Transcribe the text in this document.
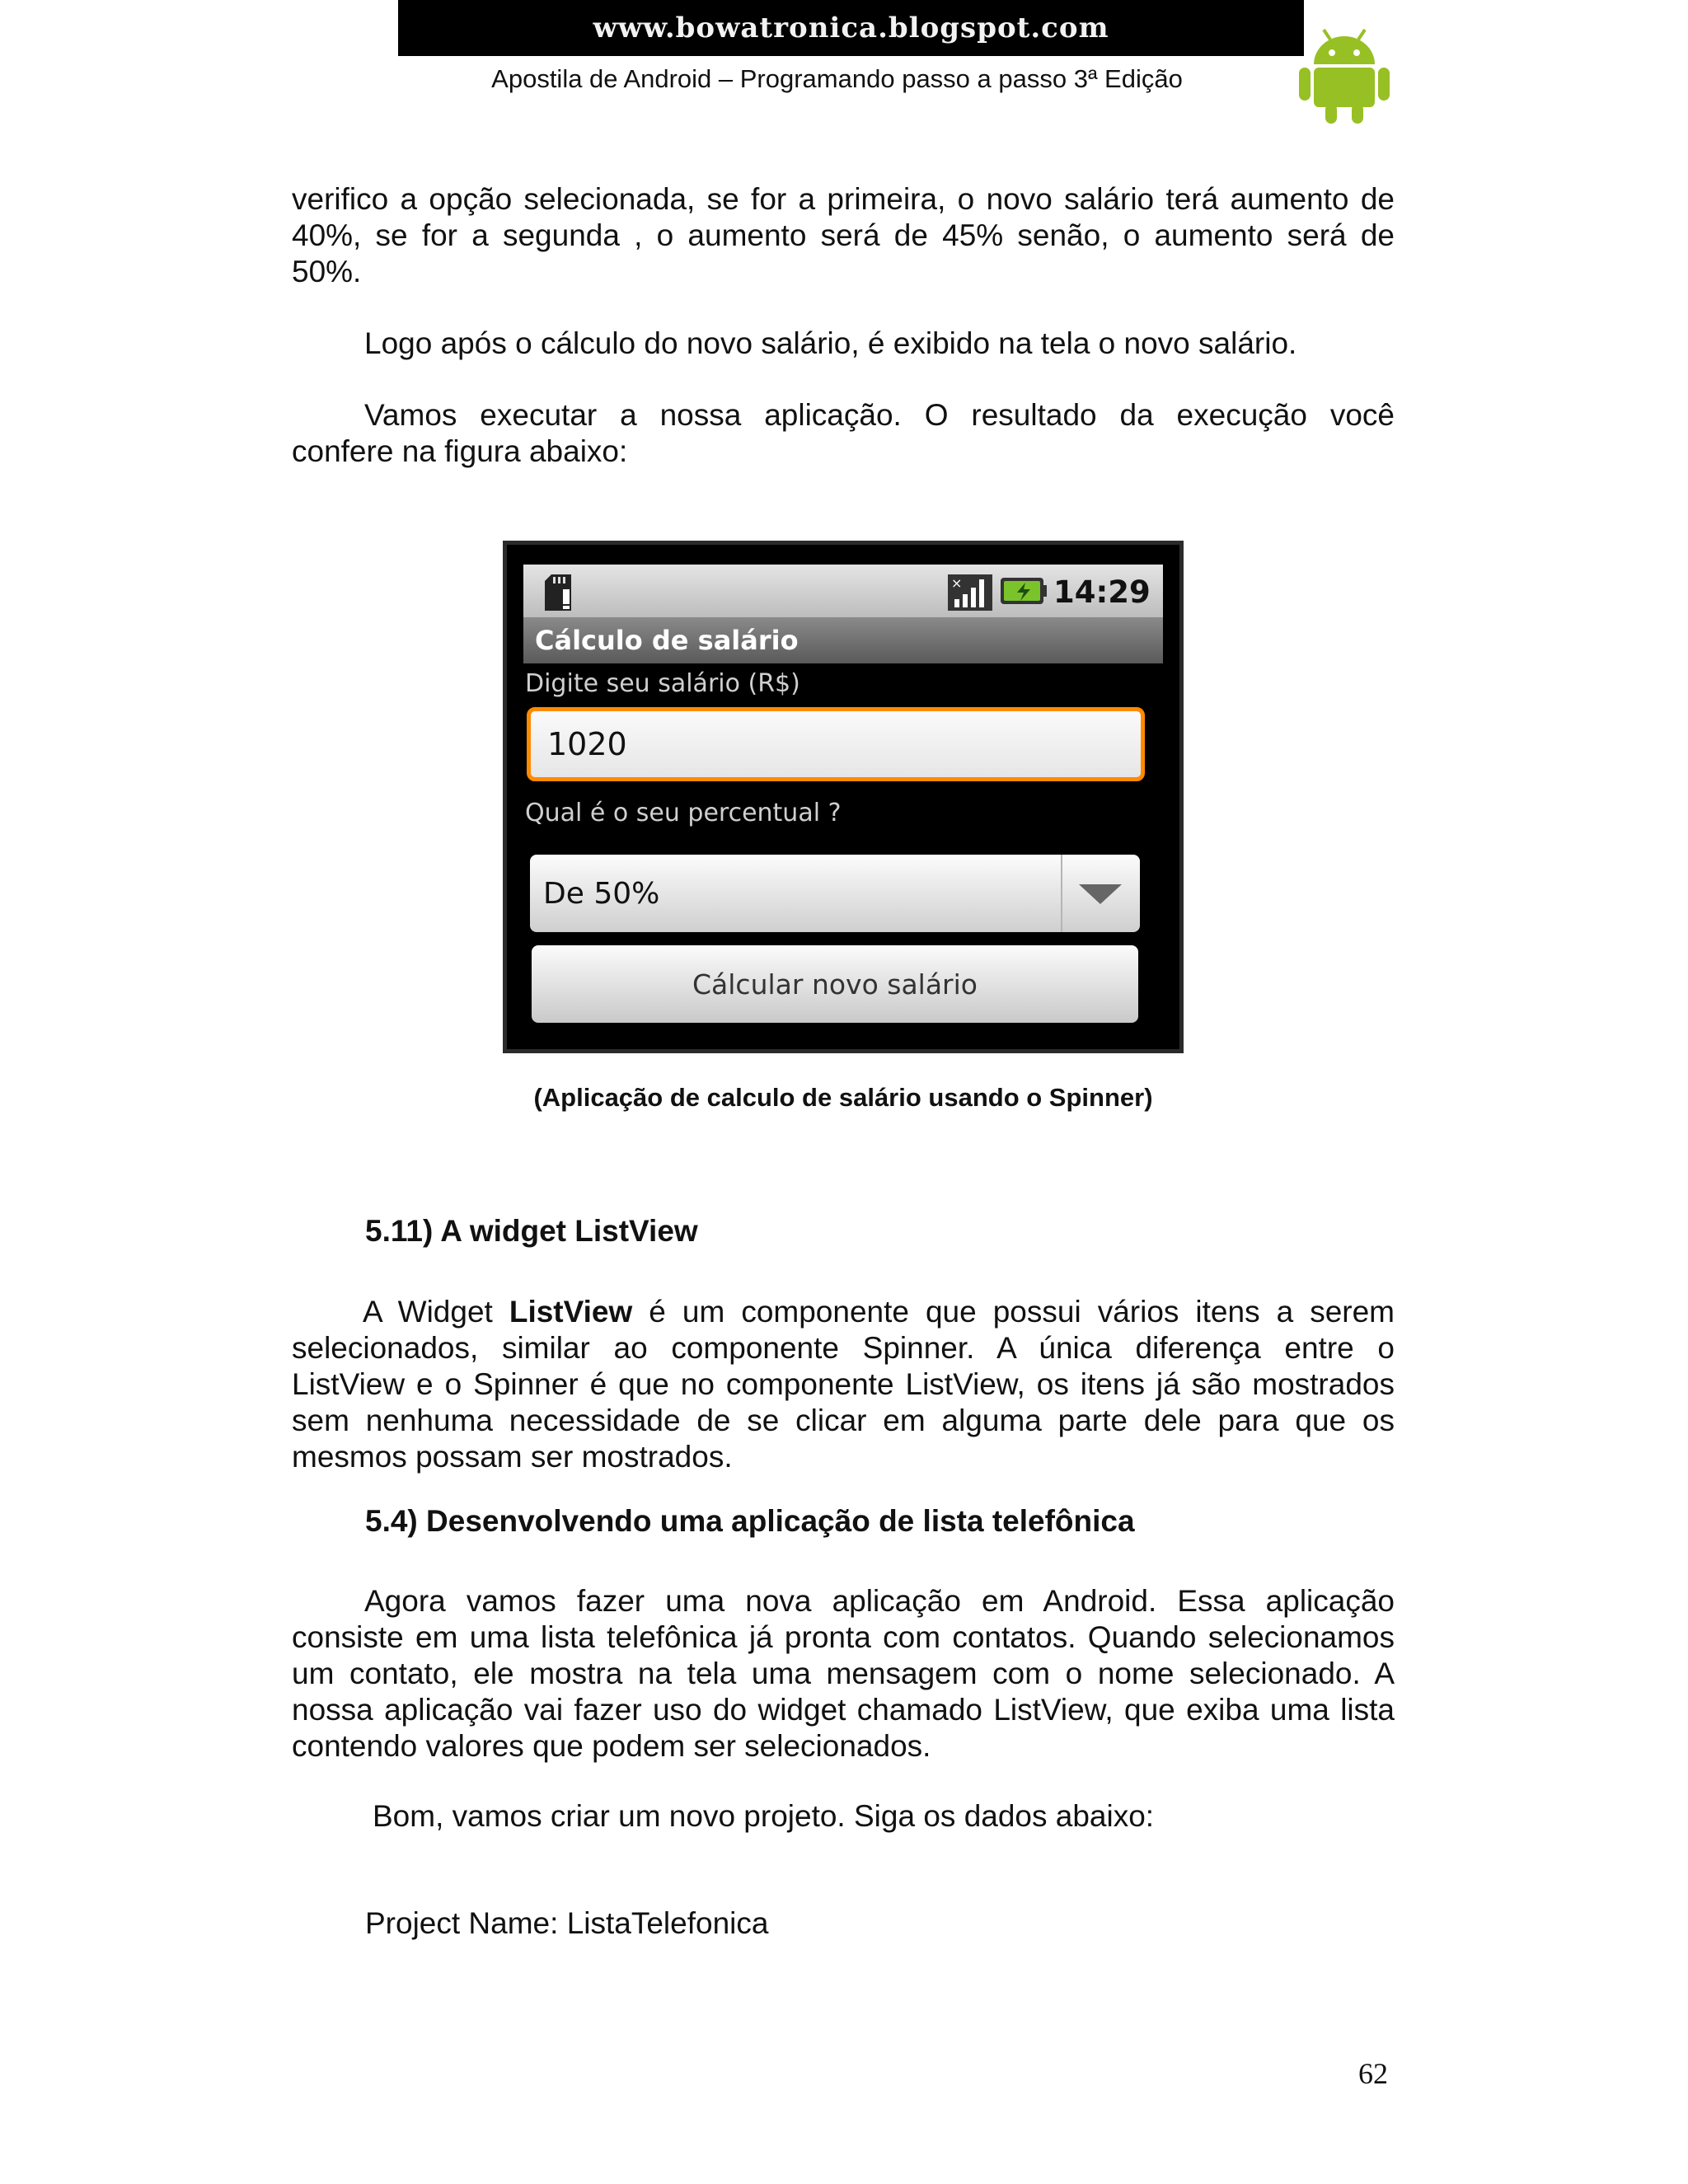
www.bowatronica.blogspot.com
Apostila de Android – Programando passo a passo 3ª Edição
verifico a opção selecionada, se for a primeira, o novo salário terá aumento de
40%, se for a segunda , o aumento será de 45% senão, o aumento será de
50%.
Logo após o cálculo do novo salário, é exibido na tela o novo salário.
Vamos executar a nossa aplicação. O resultado da execução você
confere na figura abaixo:
×	14:29
Cálculo de salário
Digite seu salário (R$)
1020
Qual é o seu percentual ?
De 50%
Cálcular novo salário
(Aplicação de calculo de salário usando o Spinner)
5.11) A widget ListView
A Widget ListView é um componente que possui vários itens a serem
selecionados, similar ao componente Spinner. A única diferença entre o
ListView e o Spinner é que no componente ListView, os itens já são mostrados
sem nenhuma necessidade de se clicar em alguma parte dele para que os
mesmos possam ser mostrados.
5.4) Desenvolvendo uma aplicação de lista telefônica
Agora vamos fazer uma nova aplicação em Android. Essa aplicação
consiste em uma lista telefônica já pronta com contatos. Quando selecionamos
um contato, ele mostra na tela uma mensagem com o nome selecionado. A
nossa aplicação vai fazer uso do widget chamado ListView, que exiba uma lista
contendo valores que podem ser selecionados.
Bom, vamos criar um novo projeto. Siga os dados abaixo:
Project Name: ListaTelefonica
62
